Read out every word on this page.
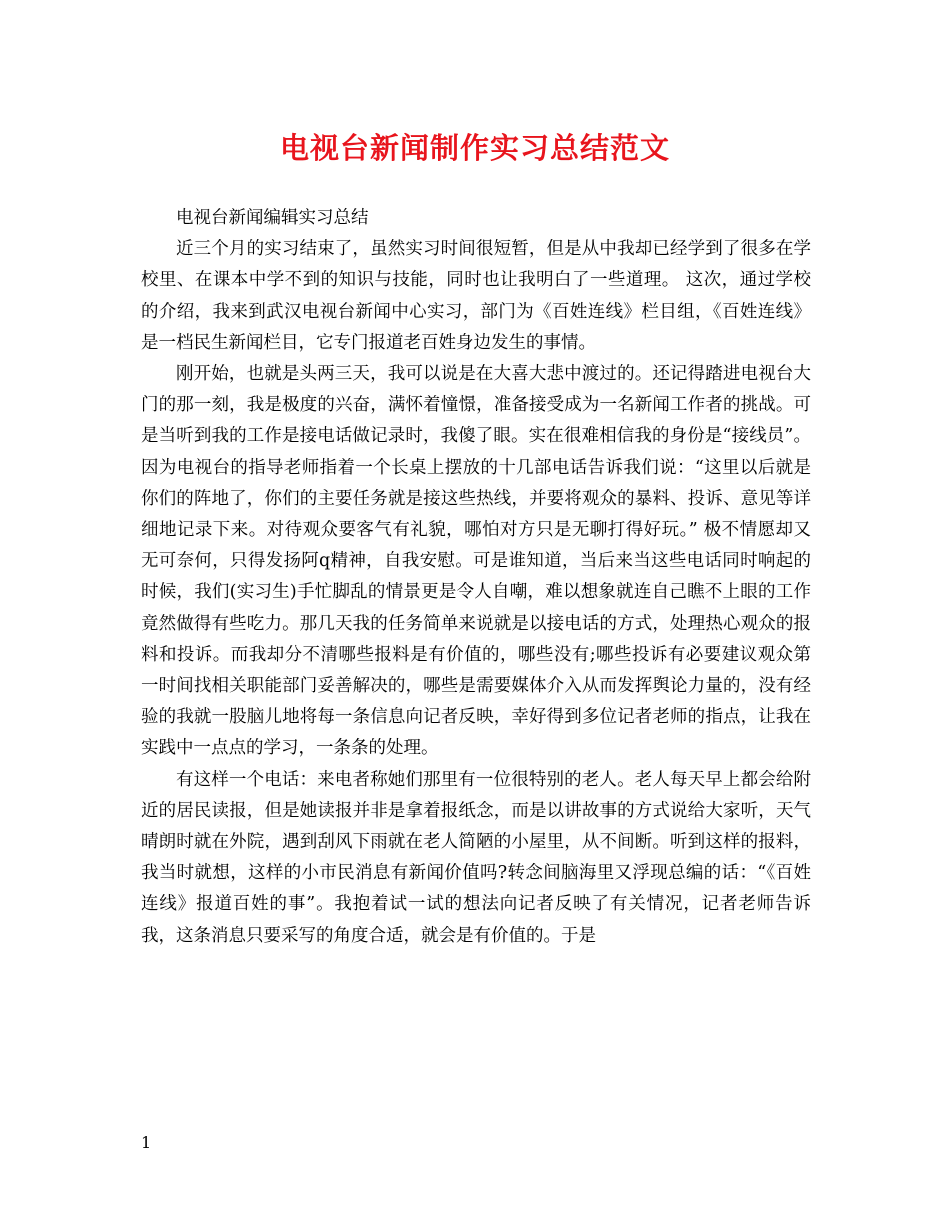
电视台新闻制作实习总结范文

电视台新闻编辑实习总结

近三个月的实习结束了，虽然实习时间很短暂，但是从中我却已经学到了很多在学校里、在课本中学不到的知识与技能，同时也让我明白了一些道理。 这次，通过学校的介绍，我来到武汉电视台新闻中心实习，部门为《百姓连线》栏目组，《百姓连线》是一档民生新闻栏目，它专门报道老百姓身边发生的事情。

刚开始，也就是头两三天，我可以说是在大喜大悲中渡过的。还记得踏进电视台大门的那一刻，我是极度的兴奋，满怀着憧憬，准备接受成为一名新闻工作者的挑战。可是当听到我的工作是接电话做记录时，我傻了眼。实在很难相信我的身份是“接线员”。因为电视台的指导老师指着一个长桌上摆放的十几部电话告诉我们说：“这里以后就是你们的阵地了，你们的主要任务就是接这些热线，并要将观众的暴料、投诉、意见等详细地记录下来。对待观众要客气有礼貌，哪怕对方只是无聊打得好玩。” 极不情愿却又无可奈何，只得发扬阿q精神，自我安慰。可是谁知道，当后来当这些电话同时响起的时候，我们(实习生)手忙脚乱的情景更是令人自嘲，难以想象就连自己瞧不上眼的工作竟然做得有些吃力。那几天我的任务简单来说就是以接电话的方式，处理热心观众的报料和投诉。而我却分不清哪些报料是有价值的，哪些没有;哪些投诉有必要建议观众第一时间找相关职能部门妥善解决的，哪些是需要媒体介入从而发挥舆论力量的，没有经验的我就一股脑儿地将每一条信息向记者反映，幸好得到多位记者老师的指点，让我在实践中一点点的学习，一条条的处理。

有这样一个电话：来电者称她们那里有一位很特别的老人。老人每天早上都会给附近的居民读报，但是她读报并非是拿着报纸念，而是以讲故事的方式说给大家听，天气晴朗时就在外院，遇到刮风下雨就在老人简陋的小屋里，从不间断。听到这样的报料，我当时就想，这样的小市民消息有新闻价值吗?转念间脑海里又浮现总编的话：“《百姓连线》报道百姓的事”。我抱着试一试的想法向记者反映了有关情况，记者老师告诉我，这条消息只要采写的角度合适，就会是有价值的。于是

1
